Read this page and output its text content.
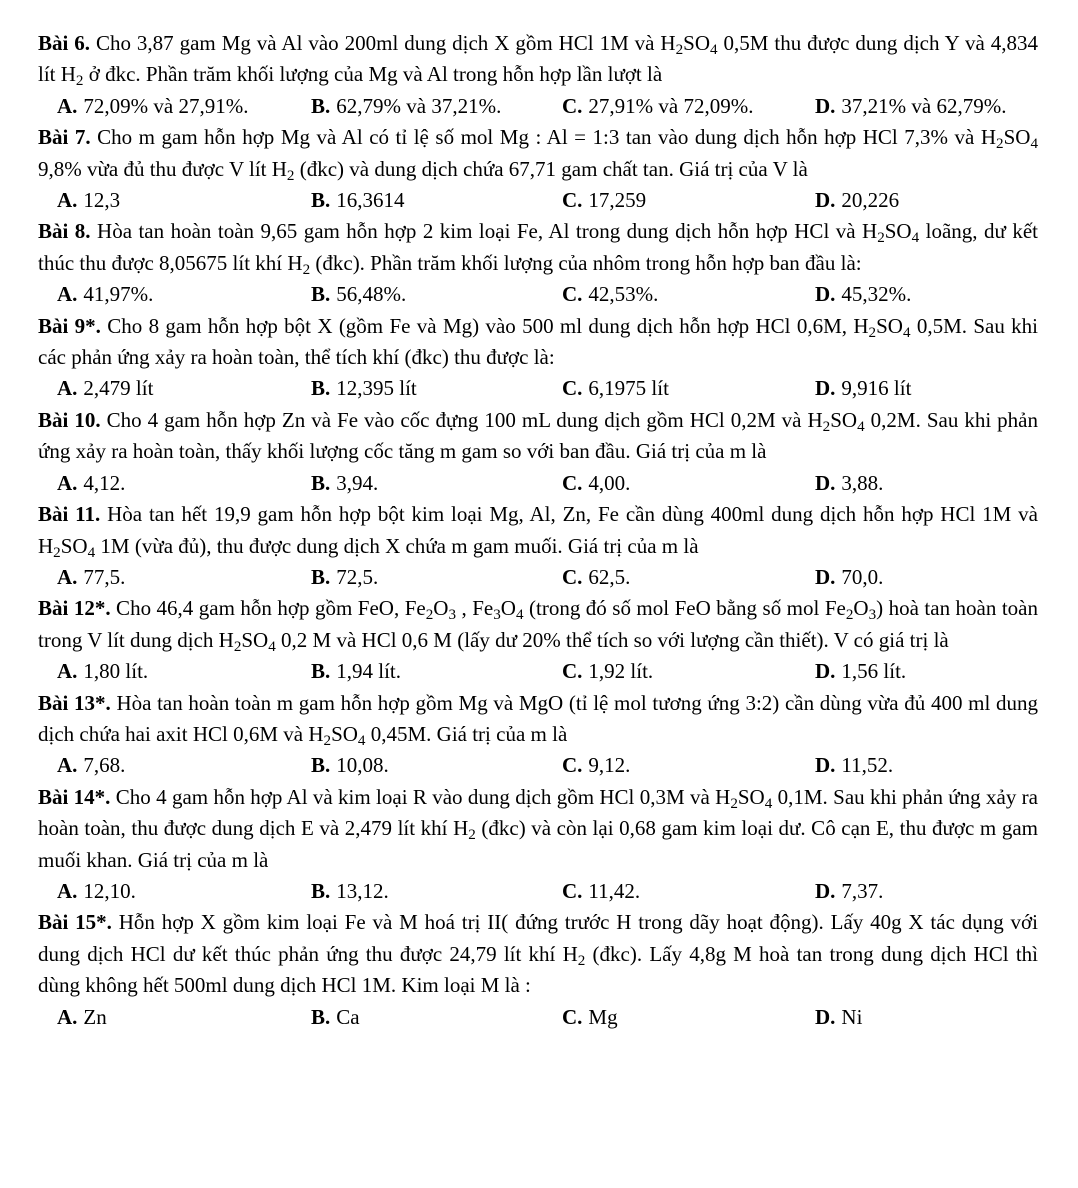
Bài 6. Cho 3,87 gam Mg và Al vào 200ml dung dịch X gồm HCl 1M và $H_2SO_4$ 0,5M thu được dung dịch Y và 4,834 lít $H_2$ ở đkc. Phần trăm khối lượng của Mg và Al trong hỗn hợp lần lượt là

A. 72,09% và 27,91%.	B. 62,79% và 37,21%.	C. 27,91% và 72,09%.	D. 37,21% và 62,79%.

Bài 7. Cho m gam hỗn hợp Mg và Al có tỉ lệ số mol Mg : Al = 1:3 tan vào dung dịch hỗn hợp HCl 7,3% và $H_2SO_4$ 9,8% vừa đủ thu được V lít $H_2$ (đkc) và dung dịch chứa 67,71 gam chất tan. Giá trị của V là

A. 12,3	B. 16,3614	C. 17,259	D. 20,226

Bài 8. Hòa tan hoàn toàn 9,65 gam hỗn hợp 2 kim loại Fe, Al trong dung dịch hỗn hợp HCl và $H_2SO_4$ loãng, dư kết thúc thu được 8,05675 lít khí $H_2$ (đkc). Phần trăm khối lượng của nhôm trong hỗn hợp ban đầu là:

A. 41,97%.	B. 56,48%.	C. 42,53%.	D. 45,32%.

Bài 9*. Cho 8 gam hỗn hợp bột X (gồm Fe và Mg) vào 500 ml dung dịch hỗn hợp HCl 0,6M, $H_2SO_4$ 0,5M. Sau khi các phản ứng xảy ra hoàn toàn, thể tích khí (đkc) thu được là:

A. 2,479 lít	B. 12,395 lít	C. 6,1975 lít	D. 9,916 lít

Bài 10. Cho 4 gam hỗn hợp Zn và Fe vào cốc đựng 100 mL dung dịch gồm HCl 0,2M và $H_2SO_4$ 0,2M. Sau khi phản ứng xảy ra hoàn toàn, thấy khối lượng cốc tăng m gam so với ban đầu. Giá trị của m là

A. 4,12.	B. 3,94.	C. 4,00.	D. 3,88.

Bài 11. Hòa tan hết 19,9 gam hỗn hợp bột kim loại Mg, Al, Zn, Fe cần dùng 400ml dung dịch hỗn hợp HCl 1M và $H_2SO_4$ 1M (vừa đủ), thu được dung dịch X chứa m gam muối. Giá trị của m là

A. 77,5.	B. 72,5.	C. 62,5.	D. 70,0.

Bài 12*. Cho 46,4 gam hỗn hợp gồm FeO, $Fe_2O_3$ , $Fe_3O_4$ (trong đó số mol FeO bằng số mol $Fe_2O_3$) hoà tan hoàn toàn trong V lít dung dịch $H_2SO_4$ 0,2 M và HCl 0,6 M (lấy dư 20% thể tích so với lượng cần thiết). V có giá trị là

A. 1,80 lít.	B. 1,94 lít.	C. 1,92 lít.	D. 1,56 lít.

Bài 13*. Hòa tan hoàn toàn m gam hỗn hợp gồm Mg và MgO (tỉ lệ mol tương ứng 3:2) cần dùng vừa đủ 400 ml dung dịch chứa hai axit HCl 0,6M và $H_2SO_4$ 0,45M. Giá trị của m là

A. 7,68.	B. 10,08.	C. 9,12.	D. 11,52.

Bài 14*. Cho 4 gam hỗn hợp Al và kim loại R vào dung dịch gồm HCl 0,3M và $H_2SO_4$ 0,1M. Sau khi phản ứng xảy ra hoàn toàn, thu được dung dịch E và 2,479 lít khí $H_2$ (đkc) và còn lại 0,68 gam kim loại dư. Cô cạn E, thu được m gam muối khan. Giá trị của m là

A. 12,10.	B. 13,12.	C. 11,42.	D. 7,37.

Bài 15*. Hỗn hợp X gồm kim loại Fe và M hoá trị II( đứng trước H trong dãy hoạt động). Lấy 40g X tác dụng với dung dịch HCl dư kết thúc phản ứng thu được 24,79 lít khí $H_2$ (đkc). Lấy 4,8g M hoà tan trong dung dịch HCl thì dùng không hết 500ml dung dịch HCl 1M. Kim loại M là :

A. Zn	B. Ca	C. Mg	D. Ni
